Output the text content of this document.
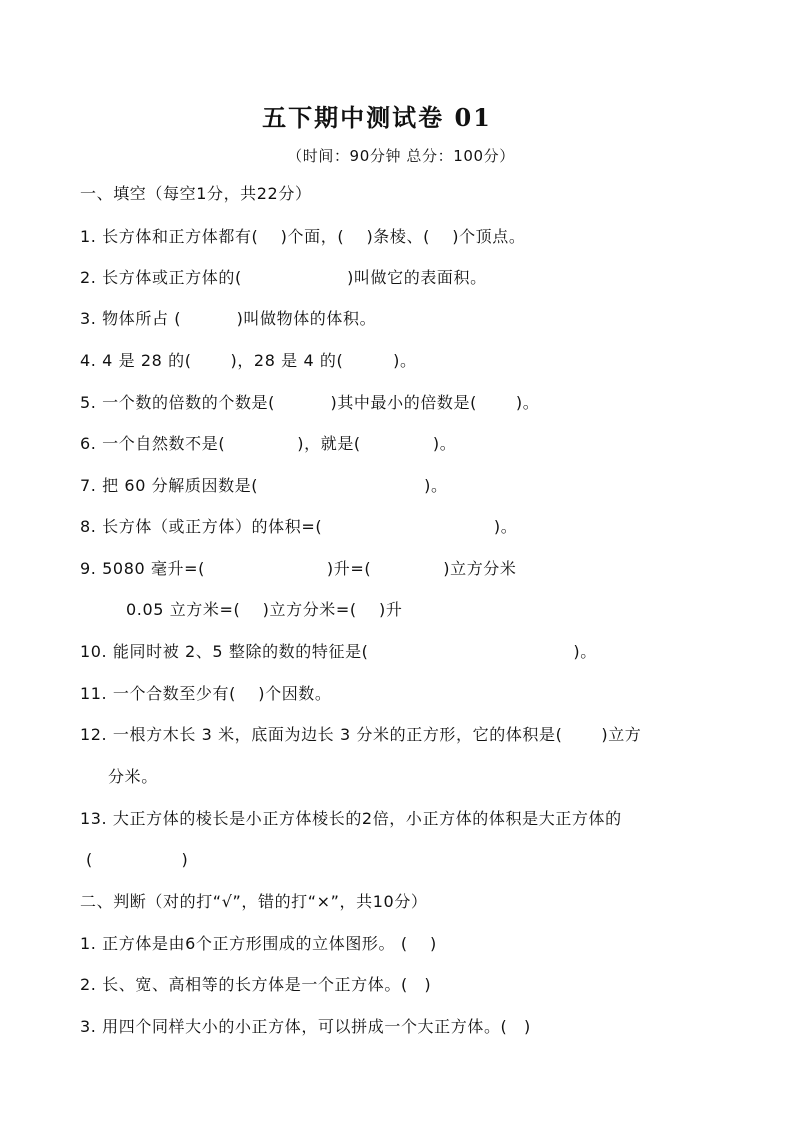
五下期中测试卷 01
（时间：90分钟 总分：100分）
一、填空（每空1分，共22分）
1. 长方体和正方体都有(　 )个面，(　 )条棱、(　 )个顶点。
2. 长方体或正方体的(　　　　　　 )叫做它的表面积。
3. 物体所占 (　　　 )叫做物体的体积。
4. 4 是 28 的(　　 )，28 是 4 的(　　　)。
5. 一个数的倍数的个数是(　　　 )其中最小的倍数是(　　 )。
6. 一个自然数不是(　　　　 )，就是(　　　　 )。
7. 把 60 分解质因数是(　　　　　　　　　　)。
8. 长方体（或正方体）的体积=(　　　　　　　　　　 )。
9. 5080 毫升=(　　　　　　　 )升=(　　　　 )立方分米
0.05 立方米=(　 )立方分米=(　 )升
10. 能同时被 2、5 整除的数的特征是(　　　　　　　　　　　　 )。
11. 一个合数至少有(　 )个因数。
12. 一根方木长 3 米，底面为边长 3 分米的正方形，它的体积是(　　 )立方
分米。
13. 大正方体的棱长是小正方体棱长的2倍，小正方体的体积是大正方体的
(　　　　　 )
二、判断（对的打“√”，错的打“×”，共10分）
1. 正方体是由6个正方形围成的立体图形。 (　 )
2. 长、宽、高相等的长方体是一个正方体。(　)
3. 用四个同样大小的小正方体，可以拼成一个大正方体。(　)
